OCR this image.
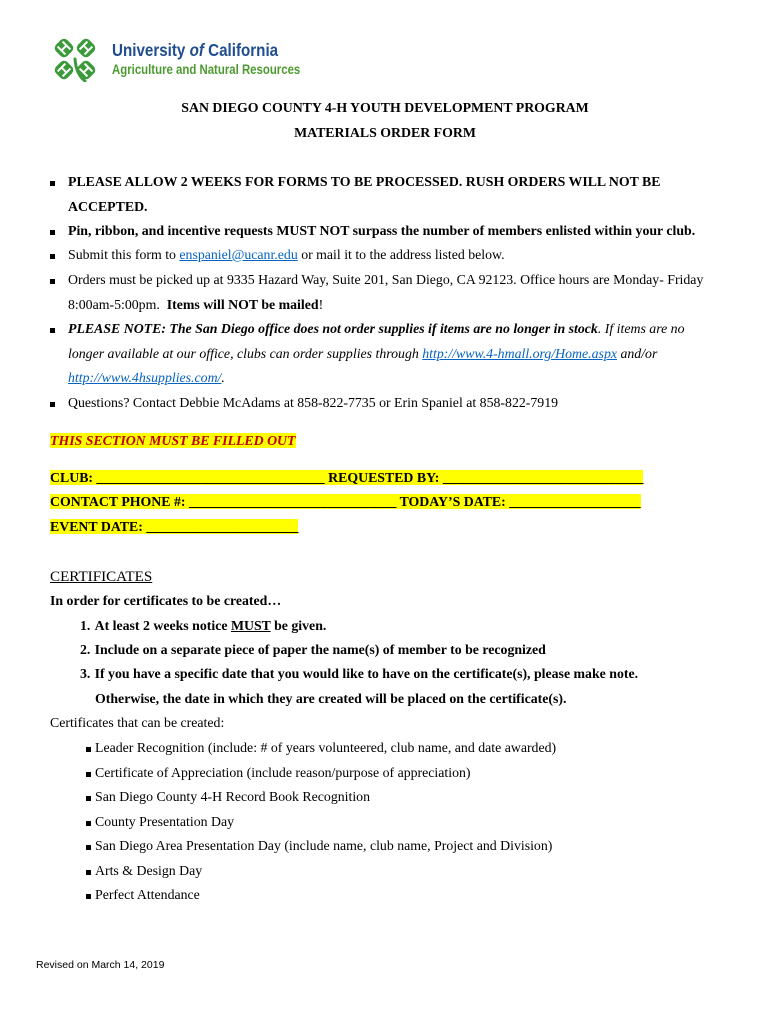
University of California
Agriculture and Natural Resources
SAN DIEGO COUNTY 4-H YOUTH DEVELOPMENT PROGRAM
MATERIALS ORDER FORM
PLEASE ALLOW 2 WEEKS FOR FORMS TO BE PROCESSED. RUSH ORDERS WILL NOT BE
ACCEPTED.
Pin, ribbon, and incentive requests MUST NOT surpass the number of members enlisted within your club.
Submit this form to enspaniel@ucanr.edu or mail it to the address listed below.
Orders must be picked up at 9335 Hazard Way, Suite 201, San Diego, CA 92123. Office hours are Monday- Friday
8:00am-5:00pm.  Items will NOT be mailed!
PLEASE NOTE: The San Diego office does not order supplies if items are no longer in stock. If items are no
longer available at our office, clubs can order supplies through http://www.4-hmall.org/Home.aspx and/or
http://www.4hsupplies.com/.
Questions? Contact Debbie McAdams at 858-822-7735 or Erin Spaniel at 858-822-7919
THIS SECTION MUST BE FILLED OUT
CLUB: _________________________________ REQUESTED BY: _____________________________
CONTACT PHONE #: ______________________________ TODAY’S DATE: ___________________
EVENT DATE: ______________________
CERTIFICATES
In order for certificates to be created…
1. At least 2 weeks notice MUST be given.
2. Include on a separate piece of paper the name(s) of member to be recognized
3. If you have a specific date that you would like to have on the certificate(s), please make note.
Otherwise, the date in which they are created will be placed on the certificate(s).
Certificates that can be created:
Leader Recognition (include: # of years volunteered, club name, and date awarded)
Certificate of Appreciation (include reason/purpose of appreciation)
San Diego County 4-H Record Book Recognition
County Presentation Day
San Diego Area Presentation Day (include name, club name, Project and Division)
Arts & Design Day
Perfect Attendance
Revised on March 14, 2019
